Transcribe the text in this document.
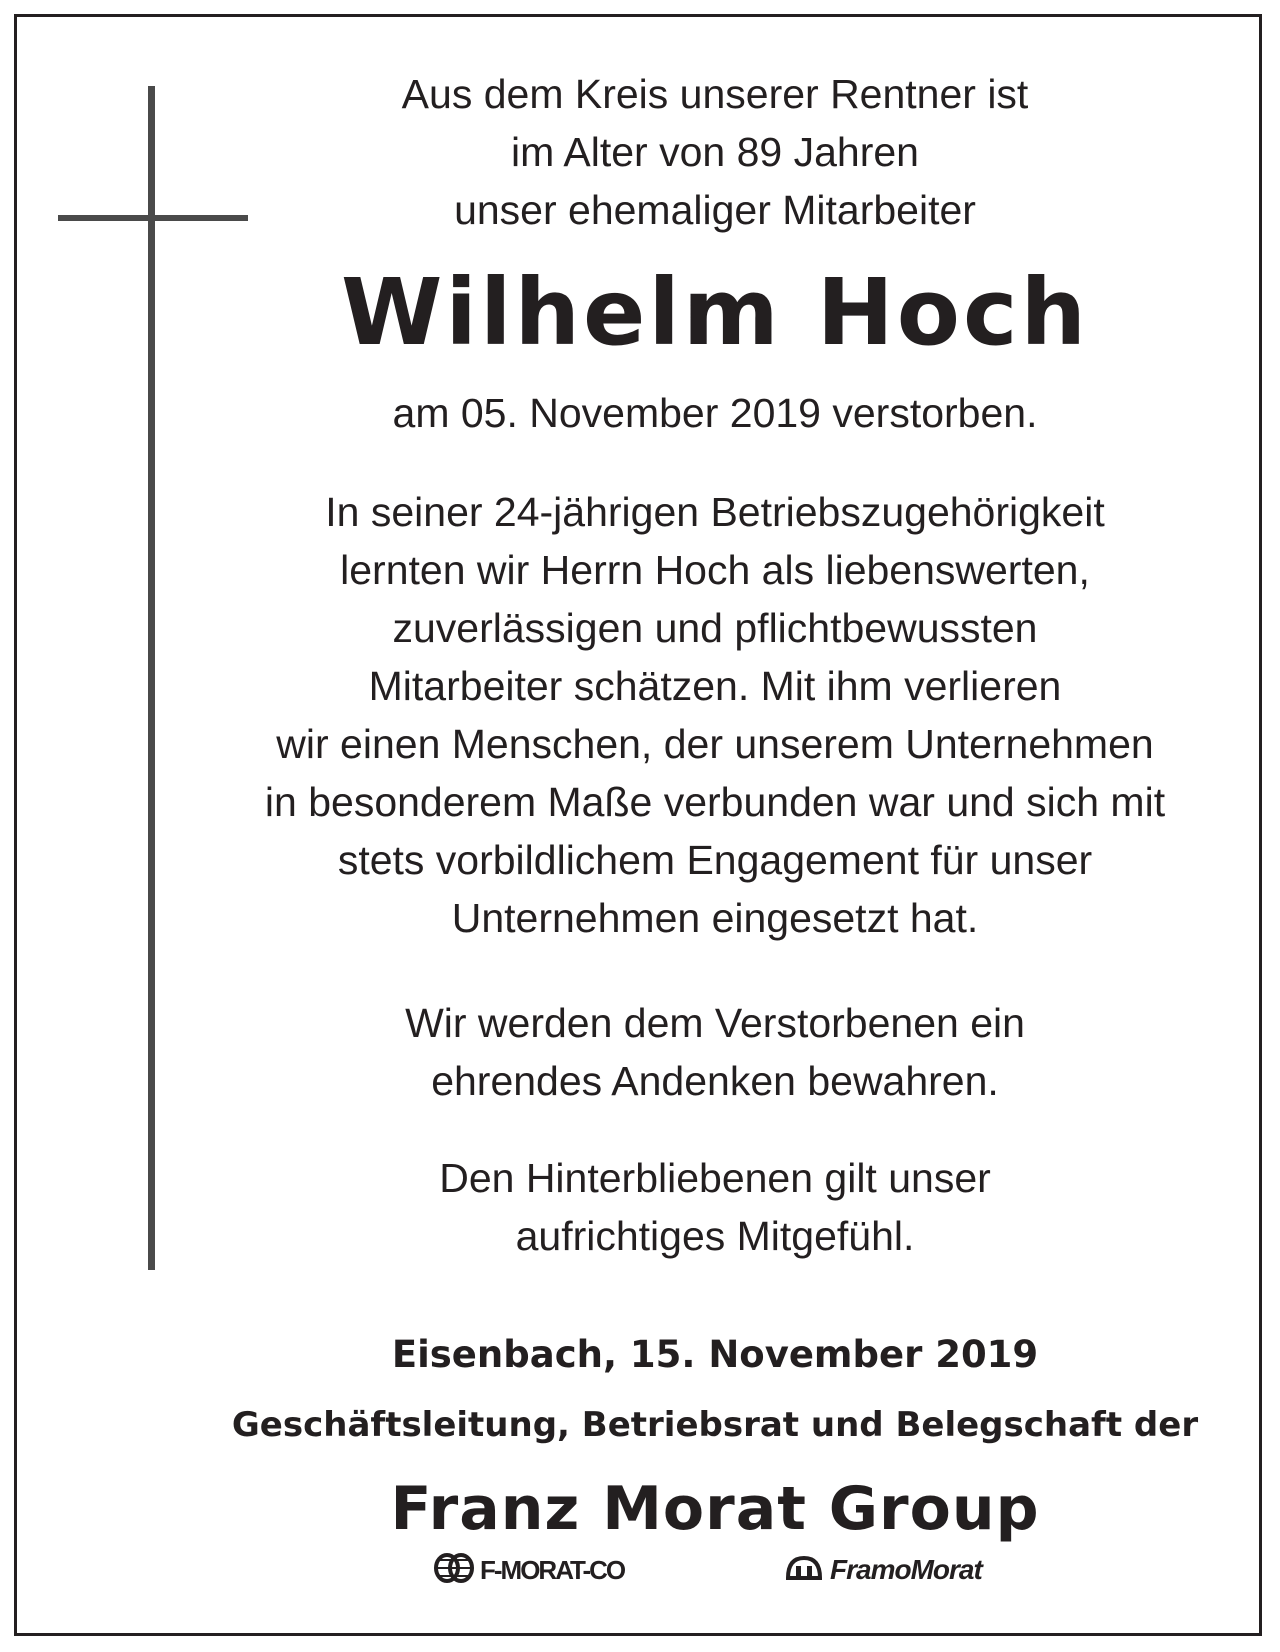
Aus dem Kreis unserer Rentner ist
im Alter von 89 Jahren
unser ehemaliger Mitarbeiter
Wilhelm Hoch
am 05. November 2019 verstorben.
In seiner 24-jährigen Betriebszugehörigkeit
lernten wir Herrn Hoch als liebenswerten,
zuverlässigen und pflichtbewussten
Mitarbeiter schätzen. Mit ihm verlieren
wir einen Menschen, der unserem Unternehmen
in besonderem Maße verbunden war und sich mit
stets vorbildlichem Engagement für unser
Unternehmen eingesetzt hat.
Wir werden dem Verstorbenen ein
ehrendes Andenken bewahren.
Den Hinterbliebenen gilt unser
aufrichtiges Mitgefühl.
Eisenbach, 15. November 2019
Geschäftsleitung, Betriebsrat und Belegschaft der
Franz Morat Group
F-MORAT-CO	FramoMorat
